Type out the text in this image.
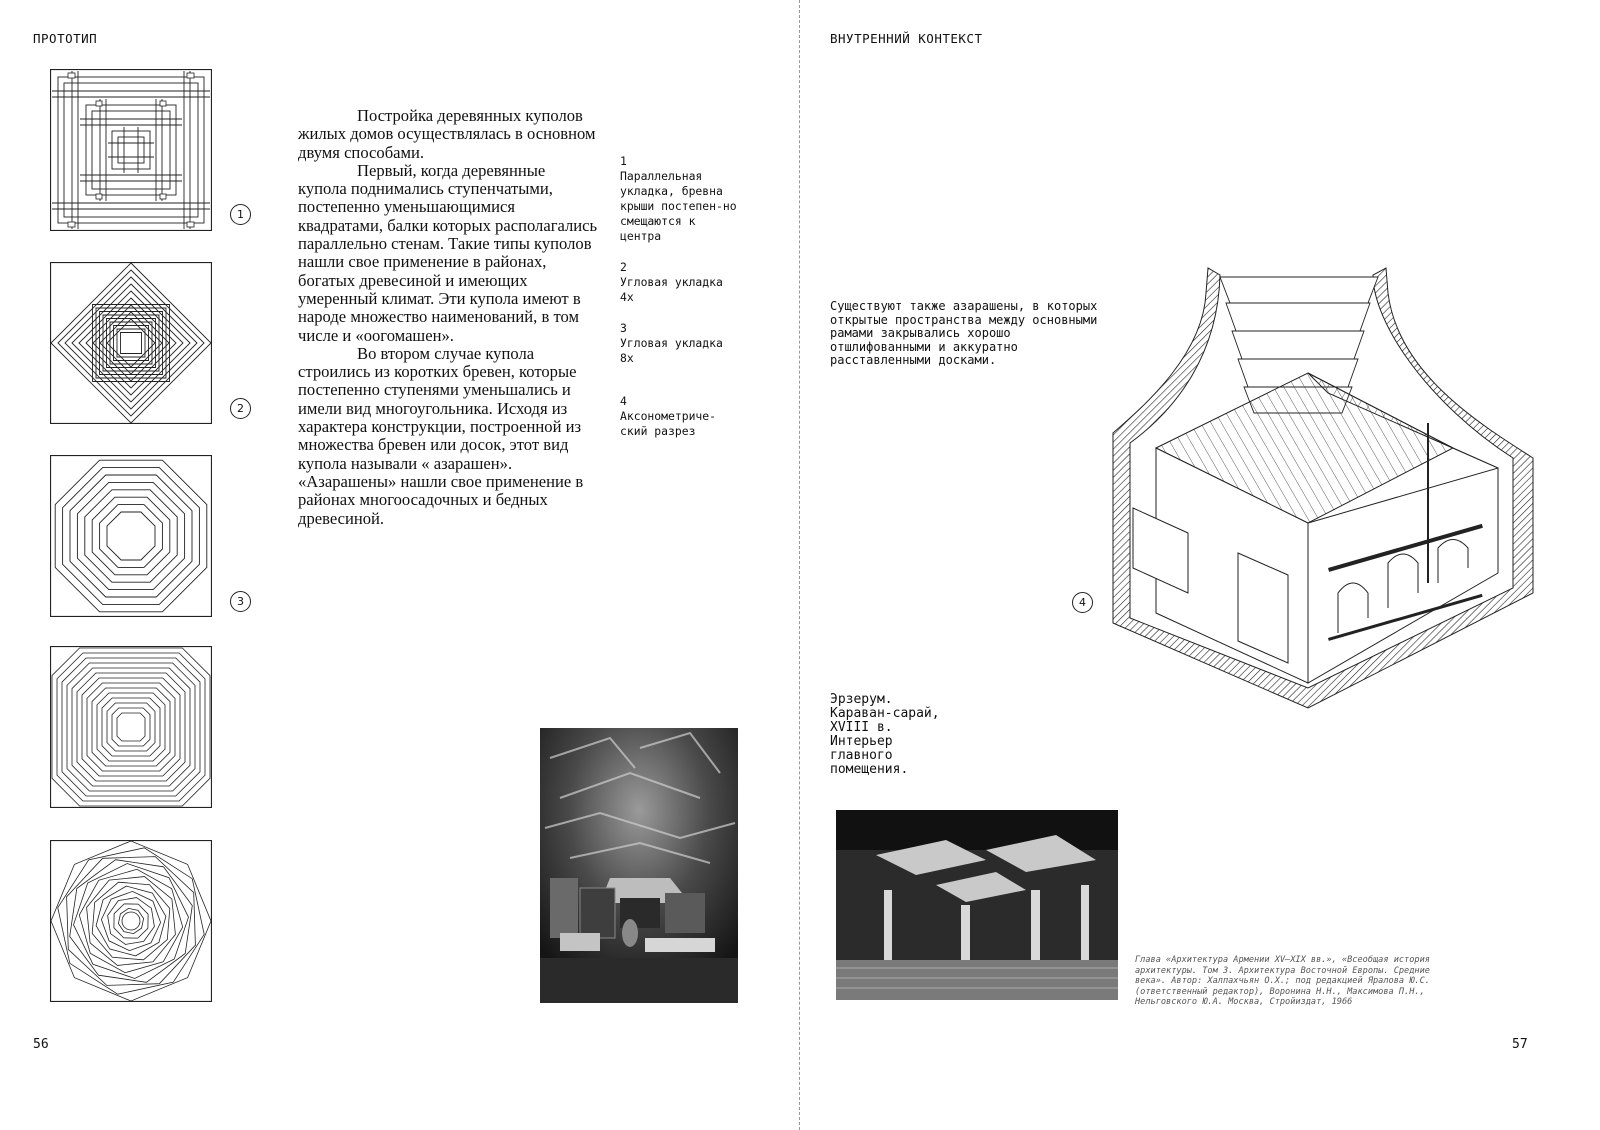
ПРОТОТИП
1
2
3

Постройка деревянных куполов жилых домов осуществлялась в основном двумя способами.

Первый, когда деревянные купола поднимались ступенчатыми, постепенно уменьшающимися квадратами, балки которых располагались параллельно стенам. Такие типы куполов нашли свое применение в районах, богатых древесиной и имеющих умеренный климат. Эти купола имеют в народе множество наименований, в том числе и «оогомашен».

Во втором случае купола строились из коротких бревен, которые постепенно ступенями уменьшались и имели вид многоугольника. Исходя из характера конструкции, построенной из множества бревен или досок, этот вид купола называли « азарашен». «Азарашены» нашли свое применение в районах многоосадочных и бедных древесиной.

1
Параллельная укладка, бревна крыши постепен-но смещаются к центра
2
Угловая укладка 4x
3
Угловая укладка 8x
4
Аксонометриче-ский разрез
56
ВНУТРЕННИЙ КОНТЕКСТ
Существуют также азарашены, в которых открытые пространства между основными рамами закрывались хорошо отшлифованными и аккуратно расставленными досками.
4
Эрзерум. Караван-сарай, XVIII в. Интерьер главного помещения.
Глава «Архитектура Армении XV–XIX вв.», «Всеобщая история архитектуры. Том 3. Архитектура Восточной Европы. Средние века». Автор: Халпахчьян О.Х.; под редакцией Яралова Ю.С. (ответственный редактор), Воронина Н.Н., Максимова П.Н., Нельговского Ю.А. Москва, Стройиздат, 1966
57
